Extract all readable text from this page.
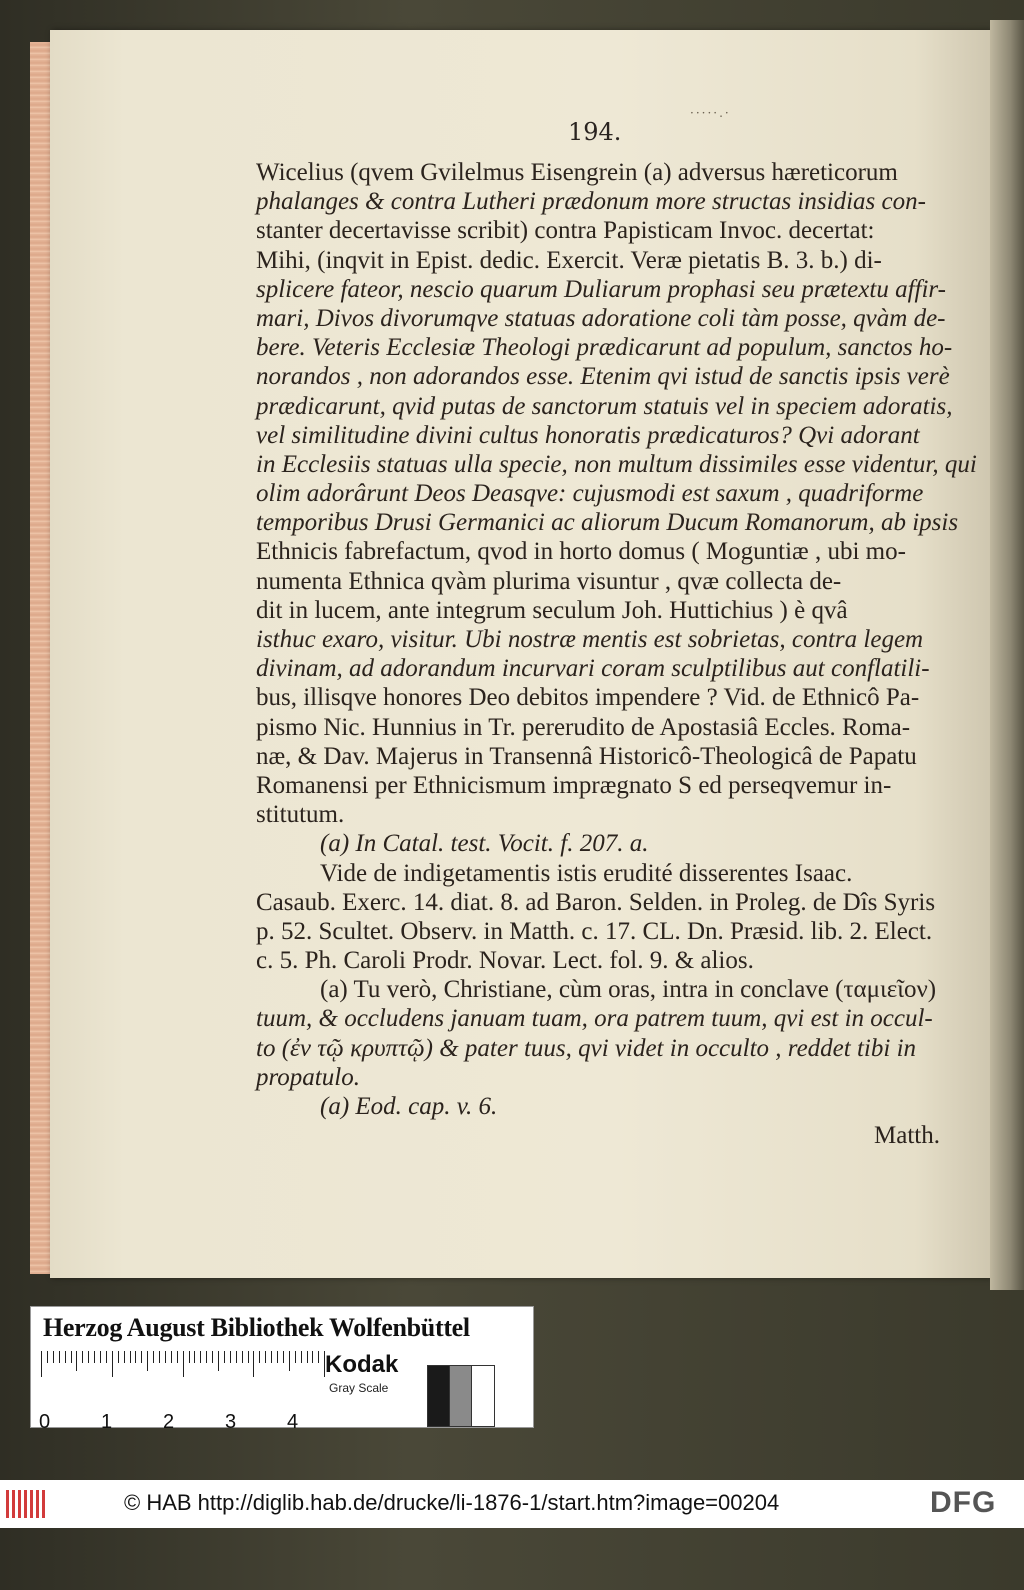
·····.·
194.
Wicelius (qvem Gvilelmus Eisengrein (a) adversus hæreticorum
phalanges & contra Lutheri prædonum more structas insidias con-
stanter decertavisse scribit) contra Papisticam Invoc. decertat:
Mihi, (inqvit in Epist. dedic. Exercit. Veræ pietatis B. 3. b.) di-
splicere fateor, nescio quarum Duliarum prophasi seu prætextu affir-
mari, Divos divorumqve statuas adoratione coli tàm posse, qvàm de-
bere. Veteris Ecclesiæ Theologi prædicarunt ad populum, sanctos ho-
norandos , non adorandos esse. Etenim qvi istud de sanctis ipsis verè
prædicarunt, qvid putas de sanctorum statuis vel in speciem adoratis,
vel similitudine divini cultus honoratis prædicaturos? Qvi adorant
in Ecclesiis statuas ulla specie, non multum dissimiles esse videntur, qui
olim adorârunt Deos Deasqve: cujusmodi est saxum , quadriforme
temporibus Drusi Germanici ac aliorum Ducum Romanorum, ab ipsis
Ethnicis fabrefactum, qvod in horto domus ( Moguntiæ , ubi mo-
numenta Ethnica qvàm plurima visuntur , qvæ collecta de-
dit in lucem, ante integrum seculum Joh. Huttichius ) è qvâ
isthuc exaro, visitur. Ubi nostræ mentis est sobrietas, contra legem
divinam, ad adorandum incurvari coram sculptilibus aut conflatili-
bus, illisqve honores Deo debitos impendere ? Vid. de Ethnicô Pa-
pismo Nic. Hunnius in Tr. pererudito de Apostasiâ Eccles. Roma-
næ, & Dav. Majerus in Transennâ Historicô-Theologicâ de Papatu
Romanensi per Ethnicismum imprægnato S ed perseqvemur in-
stitutum.
(a) In Catal. test. Vocit. f. 207. a.
Vide de indigetamentis istis erudité disserentes Isaac.
Casaub. Exerc. 14. diat. 8. ad Baron. Selden. in Proleg. de Dîs Syris
p. 52. Scultet. Observ. in Matth. c. 17. CL. Dn. Præsid. lib. 2. Elect.
c. 5. Ph. Caroli Prodr. Novar. Lect. fol. 9. & alios.
(a) Tu verò, Christiane, cùm oras, intra in conclave (ταμιεῖον)
tuum, & occludens januam tuam, ora patrem tuum, qvi est in occul-
to (ἐν τῷ κρυπτῷ) & pater tuus, qvi videt in occulto , reddet tibi in
propatulo.
(a) Eod. cap. v. 6.
Matth.
Herzog August Bibliothek Wolfenbüttel
0	1	2	3	4
Kodak
Gray Scale
© HAB http://diglib.hab.de/drucke/li-1876-1/start.htm?image=00204	DFG
